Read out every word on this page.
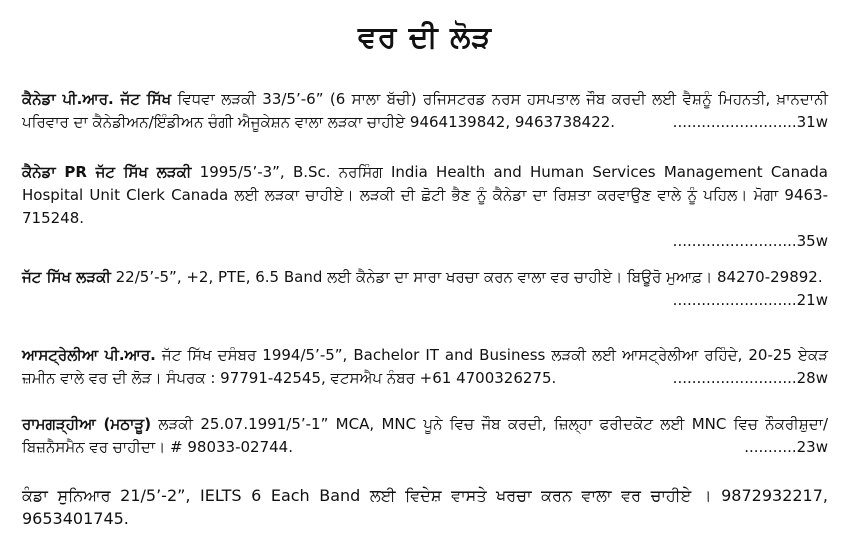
ਵਰ ਦੀ ਲੋੜ

ਕੈਨੇਡਾ ਪੀ.ਆਰ. ਜੱਟ ਸਿੱਖ ਵਿਧਵਾ ਲੜਕੀ 33/5’-6” (6 ਸਾਲਾ ਬੱਚੀ) ਰਜਿਸਟਰਡ ਨਰਸ ਹਸਪਤਾਲ ਜੌਬ ਕਰਦੀ ਲਈ ਵੈਸ਼ਨੂੰ ਮਿਹਨਤੀ, ਖ਼ਾਨਦਾਨੀ ਪਰਿਵਾਰ ਦਾ ਕੈਨੇਡੀਅਨ/ਇੰਡੀਅਨ ਚੰਗੀ ਐਜੂਕੇਸ਼ਨ ਵਾਲਾ ਲੜਕਾ ਚਾਹੀਏ 9464139842, 9463738422.	..........................31w

ਕੈਨੇਡਾ PR ਜੱਟ ਸਿੱਖ ਲੜਕੀ 1995/5’-3”, B.Sc. ਨਰਸਿੰਗ India Health and Human Services Management Canada Hospital Unit Clerk Canada ਲਈ ਲੜਕਾ ਚਾਹੀਏ। ਲੜਕੀ ਦੀ ਛੋਟੀ ਭੈਣ ਨੂੰ ਕੈਨੇਡਾ ਦਾ ਰਿਸ਼ਤਾ ਕਰਵਾਉਣ ਵਾਲੇ ਨੂੰ ਪਹਿਲ। ਮੋਗਾ 9463-715248.
..........................35w

ਜੱਟ ਸਿੱਖ ਲੜਕੀ 22/5’-5”, +2, PTE, 6.5 Band ਲਈ ਕੈਨੇਡਾ ਦਾ ਸਾਰਾ ਖਰਚਾ ਕਰਨ ਵਾਲਾ ਵਰ ਚਾਹੀਏ। ਬਿਊਰੋ ਮੁਆਫ਼। 84270-29892.
..........................21w

ਆਸਟ੍ਰੇਲੀਆ ਪੀ.ਆਰ. ਜੱਟ ਸਿੱਖ ਦਸੰਬਰ 1994/5’-5”, Bachelor IT and Business ਲੜਕੀ ਲਈ ਆਸਟ੍ਰੇਲੀਆ ਰਹਿੰਦੇ, 20-25 ਏਕੜ ਜ਼ਮੀਨ ਵਾਲੇ ਵਰ ਦੀ ਲੋੜ। ਸੰਪਰਕ : 97791-42545, ਵਟਸਐਪ ਨੰਬਰ +61 4700326275.	..........................28w

ਰਾਮਗੜ੍ਹੀਆ (ਮਠਾੜੂ) ਲੜਕੀ 25.07.1991/5’-1” MCA, MNC ਪੂਨੇ ਵਿਚ ਜੌਬ ਕਰਦੀ, ਜ਼ਿਲ੍ਹਾ ਫਰੀਦਕੋਟ ਲਈ MNC ਵਿਚ ਨੌਕਰੀਸ਼ੁਦਾ/ਬਿਜ਼ਨੈਸਮੈਨ ਵਰ ਚਾਹੀਦਾ। # 98033-02744.	...........23w

ਕੰਡਾ ਸੁਨਿਆਰ 21/5’-2”, IELTS 6 Each Band ਲਈ ਵਿਦੇਸ਼ ਵਾਸਤੇ ਖਰਚਾ ਕਰਨ ਵਾਲਾ ਵਰ ਚਾਹੀਏ । 9872932217, 9653401745.
